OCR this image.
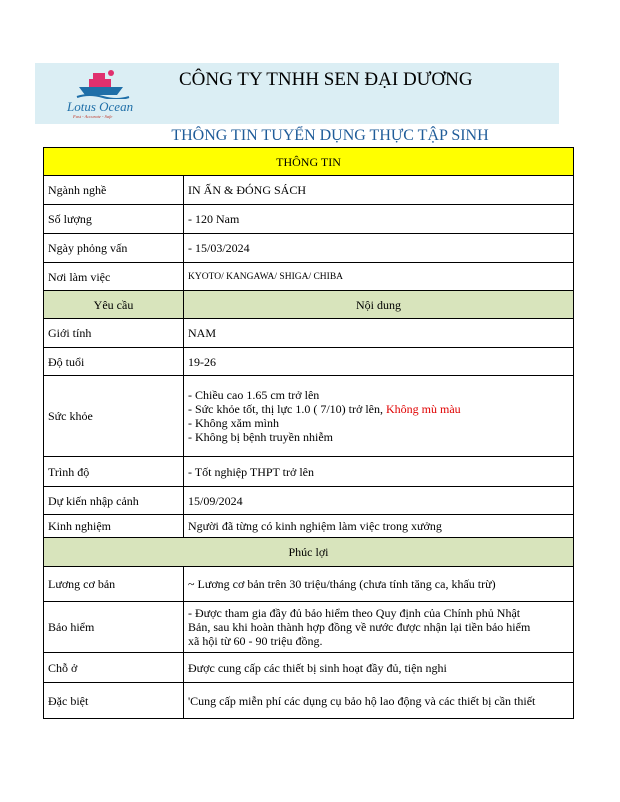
Lotus Ocean
Fast - Accurate - Safe
CÔNG TY TNHH SEN ĐẠI DƯƠNG
THÔNG TIN TUYỂN DỤNG THỰC TẬP SINH
THÔNG TIN	
Ngành nghề	IN ẤN & ĐÓNG SÁCH
Số lượng	- 120 Nam
Ngày phỏng vấn	- 15/03/2024
Nơi làm việc	KYOTO/ KANGAWA/ SHIGA/ CHIBA
Yêu cầu	Nội dung
Giới tính	NAM
Độ tuổi	19-26
Sức khỏe	- Chiều cao 1.65 cm trở lên
- Sức khỏe tốt, thị lực 1.0 ( 7/10) trở lên, Không mù màu
- Không xăm mình
- Không bị bệnh truyền nhiễm

Trình độ	- Tốt nghiệp THPT trở lên
Dự kiến nhập cảnh	15/09/2024
Kinh nghiệm	Người đã từng có kinh nghiệm làm việc trong xưởng
Phúc lợi	
Lương cơ bản	~ Lương cơ bản trên 30 triệu/tháng (chưa tính tăng ca, khấu trừ)
Bảo hiểm	- Được tham gia đầy đủ bảo hiểm theo Quy định của Chính phủ Nhật
Bản, sau khi hoàn thành hợp đồng về nước được nhận lại tiền bảo hiểm
xã hội từ 60 - 90 triệu đồng.

Chỗ ở	Được cung cấp các thiết bị sinh hoạt đầy đủ, tiện nghi
Đặc biệt	'Cung cấp miễn phí các dụng cụ bảo hộ lao động và các thiết bị cần thiết
